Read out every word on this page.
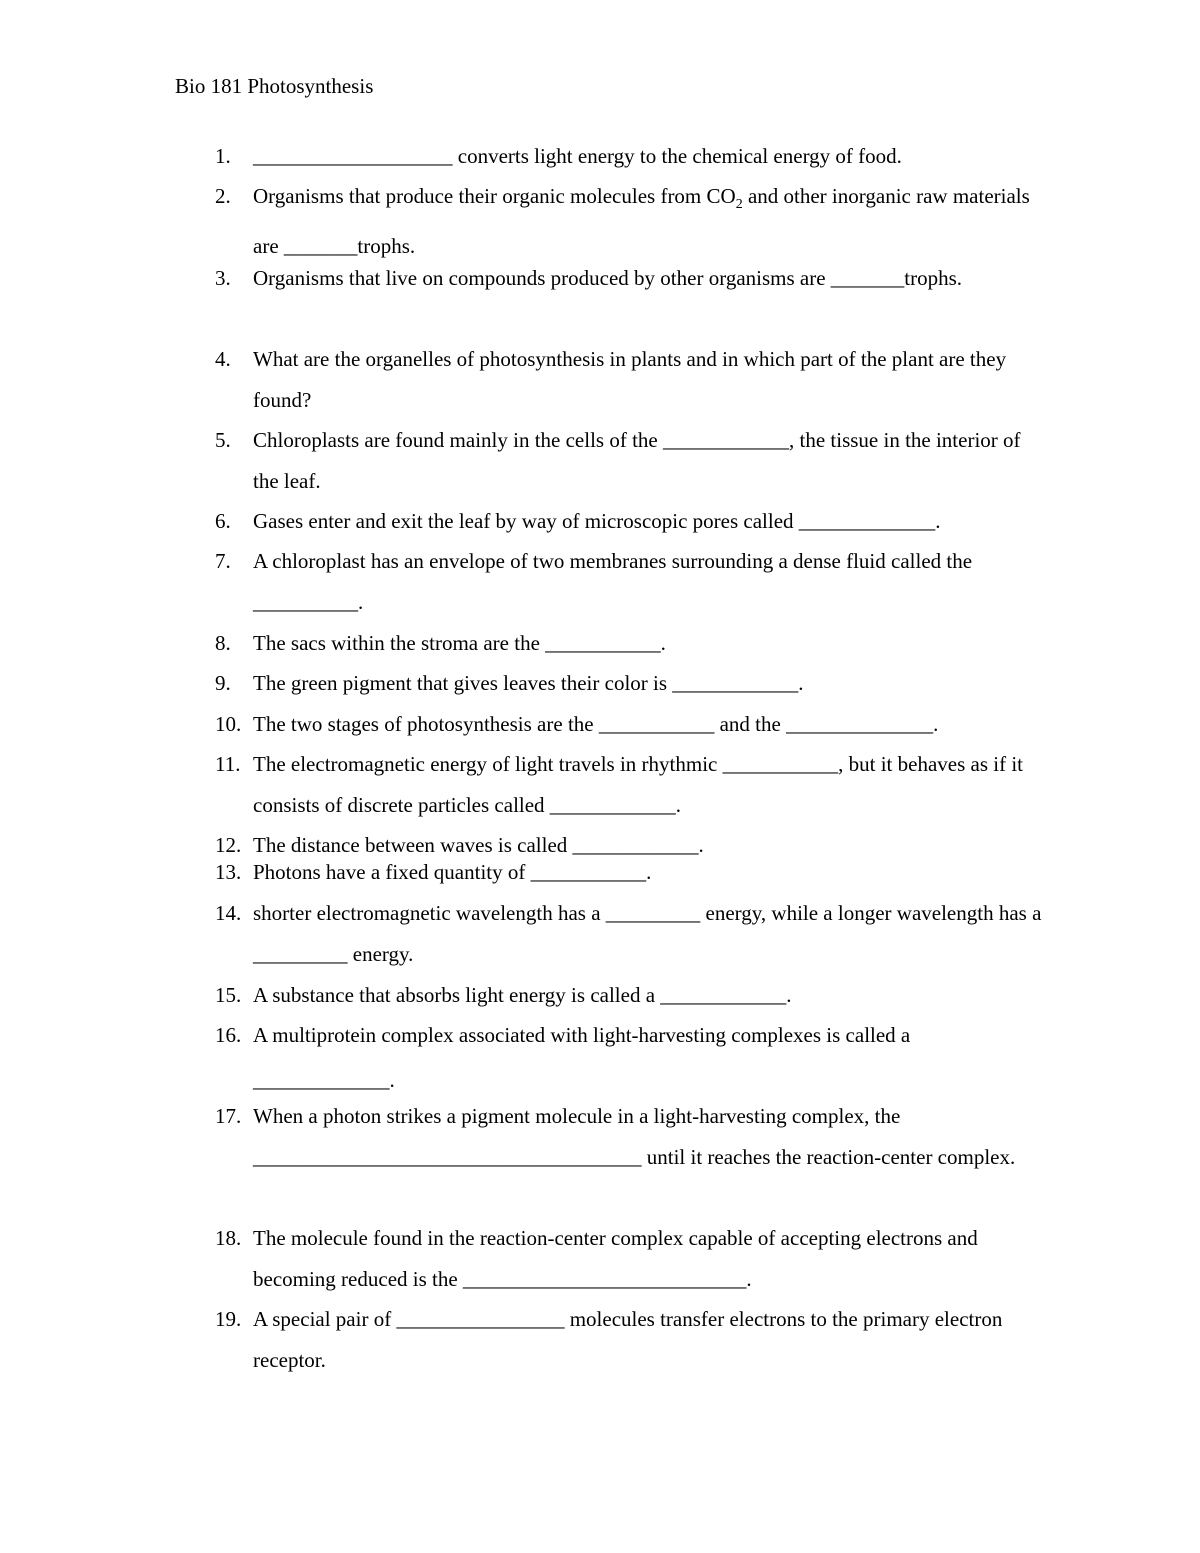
Bio 181 Photosynthesis
1. ___________________ converts light energy to the chemical energy of food.
2. Organisms that produce their organic molecules from $CO_2$ and other inorganic raw materials are _______trophs.
3. Organisms that live on compounds produced by other organisms are _______trophs.
4. What are the organelles of photosynthesis in plants and in which part of the plant are they found?
5. Chloroplasts are found mainly in the cells of the ____________, the tissue in the interior of the leaf.
6. Gases enter and exit the leaf by way of microscopic pores called _____________.
7. A chloroplast has an envelope of two membranes surrounding a dense fluid called the __________.
8. The sacs within the stroma are the ___________.
9. The green pigment that gives leaves their color is ____________.
10. The two stages of photosynthesis are the ___________ and the ______________.
11. The electromagnetic energy of light travels in rhythmic ___________, but it behaves as if it consists of discrete particles called ____________.
12. The distance between waves is called ____________.
13. Photons have a fixed quantity of ___________.
14. shorter electromagnetic wavelength has a _________ energy, while a longer wavelength has a _________ energy.
15. A substance that absorbs light energy is called a ____________.
16. A multiprotein complex associated with light-harvesting complexes is called a
_____________.
17. When a photon strikes a pigment molecule in a light-harvesting complex, the _____________________________________ until it reaches the reaction-center complex.
18. The molecule found in the reaction-center complex capable of accepting electrons and becoming reduced is the ___________________________.
19. A special pair of ________________ molecules transfer electrons to the primary electron receptor.
